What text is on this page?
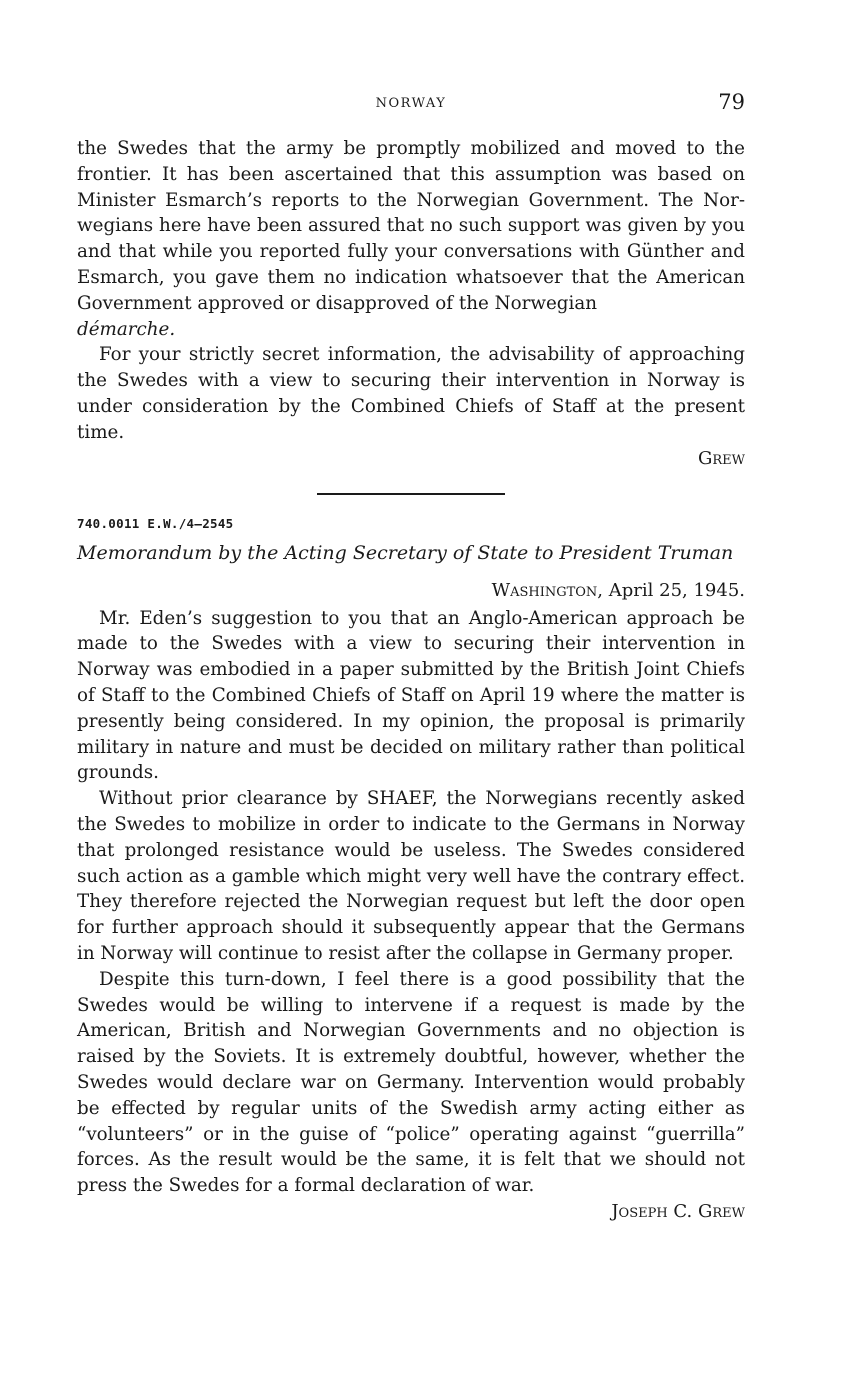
NORWAY	79

the Swedes that the army be promptly mobilized and moved to the frontier. It has been ascertained that this assumption was based on Minister Esmarch’s reports to the Norwegian Government. The Norwegians here have been assured that no such support was given by you and that while you reported fully your conversations with Günther and Esmarch, you gave them no indication whatsoever that the American Government approved or disapproved of the Norwegian
démarche.

For your strictly secret information, the advisability of approaching the Swedes with a view to securing their intervention in Norway is under consideration by the Combined Chiefs of Staff at the present time.

Grew

740.0011 E.W./4–2545

Memorandum by the Acting Secretary of State to President Truman

Washington, April 25, 1945.

Mr. Eden’s suggestion to you that an Anglo-American approach be made to the Swedes with a view to securing their intervention in Norway was embodied in a paper submitted by the British Joint Chiefs of Staff to the Combined Chiefs of Staff on April 19 where the matter is presently being considered. In my opinion, the proposal is primarily military in nature and must be decided on military rather than political grounds.

Without prior clearance by SHAEF, the Norwegians recently asked the Swedes to mobilize in order to indicate to the Germans in Norway that prolonged resistance would be useless. The Swedes considered such action as a gamble which might very well have the contrary effect. They therefore rejected the Norwegian request but left the door open for further approach should it subsequently appear that the Germans in Norway will continue to resist after the collapse in Germany proper.

Despite this turn-down, I feel there is a good possibility that the Swedes would be willing to intervene if a request is made by the American, British and Norwegian Governments and no objection is raised by the Soviets. It is extremely doubtful, however, whether the Swedes would declare war on Germany. Intervention would probably be effected by regular units of the Swedish army acting either as “volunteers” or in the guise of “police” operating against “guerrilla” forces. As the result would be the same, it is felt that we should not press the Swedes for a formal declaration of war.

Joseph C. Grew
